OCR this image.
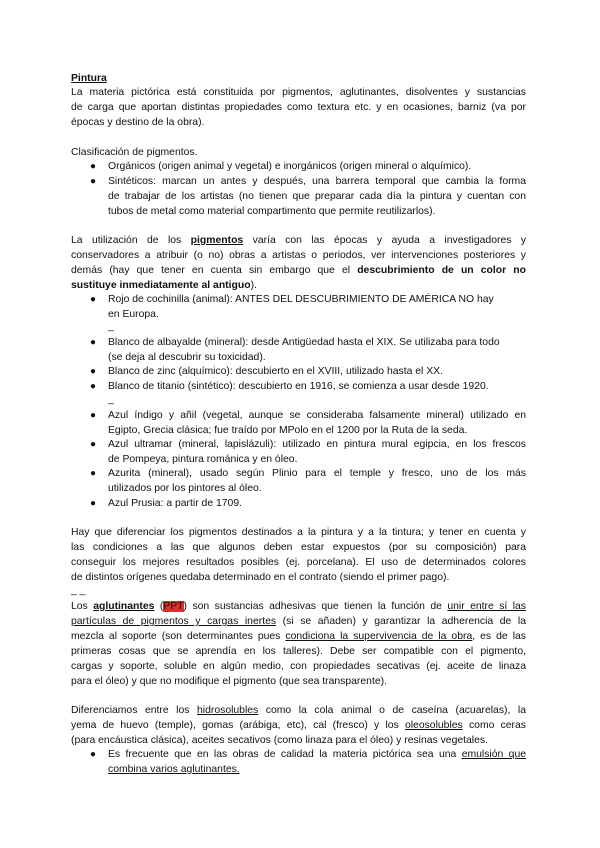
Pintura
La materia pictórica está constituida por pigmentos, aglutinantes, disolventes y sustancias
de carga que aportan distintas propiedades como textura etc. y en ocasiones, barniz (va por
épocas y destino de la obra).
Clasificación de pigmentos.
● Orgánicos (origen animal y vegetal) e inorgánicos (origen mineral o alquímico).
● Sintéticos: marcan un antes y después, una barrera temporal que cambia la forma
de trabajar de los artistas (no tienen que preparar cada día la pintura y cuentan con
tubos de metal como material compartimento que permite reutilizarlos).
La utilización de los pigmentos varía con las épocas y ayuda a investigadores y
conservadores a atribuir (o no) obras a artistas o periodos, ver intervenciones posteriores y
demás (hay que tener en cuenta sin embargo que el descubrimiento de un color no
sustituye inmediatamente al antiguo).
● Rojo de cochinilla (animal): ANTES DEL DESCUBRIMIENTO DE AMÉRICA NO hay
en Europa.
_
● Blanco de albayalde (mineral): desde Antigüedad hasta el XIX. Se utilizaba para todo
(se deja al descubrir su toxicidad).
● Blanco de zinc (alquímico): descubierto en el XVIII, utilizado hasta el XX.
● Blanco de titanio (sintético): descubierto en 1916, se comienza a usar desde 1920.
_
● Azul índigo y añil (vegetal, aunque se consideraba falsamente mineral) utilizado en
Egipto, Grecia clásica; fue traído por MPolo en el 1200 por la Ruta de la seda.
● Azul ultramar (mineral, lapislázuli): utilizado en pintura mural egipcia, en los frescos
de Pompeya, pintura románica y en óleo.
● Azurita (mineral), usado según Plinio para el temple y fresco, uno de los más
utilizados por los pintores al óleo.
● Azul Prusia: a partir de 1709.
Hay que diferenciar los pigmentos destinados a la pintura y a la tintura; y tener en cuenta y
las condiciones a las que algunos deben estar expuestos (por su composición) para
conseguir los mejores resultados posibles (ej. porcelana). El uso de determinados colores
de distintos orígenes quedaba determinado en el contrato (siendo el primer pago).
_ _
Los aglutinantes (PPT) son sustancias adhesivas que tienen la función de unir entre sí las
partículas de pigmentos y cargas inertes (si se añaden) y garantizar la adherencia de la
mezcla al soporte (son determinantes pues condiciona la supervivencia de la obra, es de las
primeras cosas que se aprendía en los talleres). Debe ser compatible con el pigmento,
cargas y soporte, soluble en algún medio, con propiedades secativas (ej. aceite de linaza
para el óleo) y que no modifique el pigmento (que sea transparente).
Diferenciamos entre los hidrosolubles como la cola animal o de caseína (acuarelas), la
yema de huevo (temple), gomas (arábiga, etc), cal (fresco) y los oleosolubles como ceras
(para encáustica clásica), aceites secativos (como linaza para el óleo) y resinas vegetales.
● Es frecuente que en las obras de calidad la materia pictórica sea una emulsión que
combina varios aglutinantes.
